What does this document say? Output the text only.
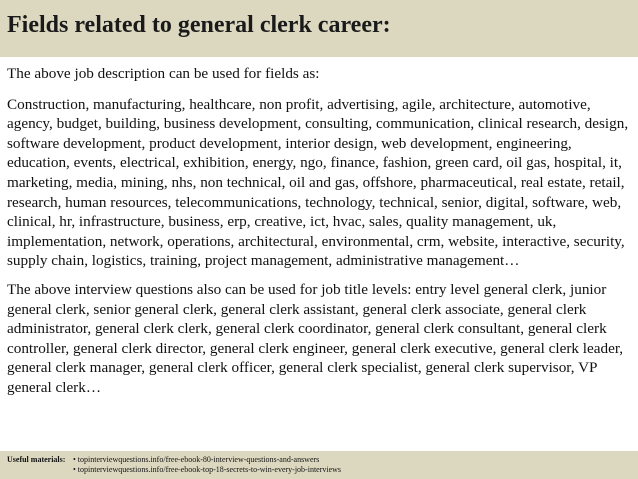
Fields related to general clerk career:

The above job description can be used for fields as:

Construction, manufacturing, healthcare, non profit, advertising, agile, architecture, automotive, agency, budget, building, business development, consulting, communication, clinical research, design, software development, product development, interior design, web development, engineering, education, events, electrical, exhibition, energy, ngo, finance, fashion, green card, oil gas, hospital, it, marketing, media, mining, nhs, non technical, oil and gas, offshore, pharmaceutical, real estate, retail, research, human resources, telecommunications, technology, technical, senior, digital, software, web, clinical, hr, infrastructure, business, erp, creative, ict, hvac, sales, quality management, uk, implementation, network, operations, architectural, environmental, crm, website, interactive, security, supply chain, logistics, training, project management, administrative management…

The above interview questions also can be used for job title levels: entry level general clerk, junior general clerk, senior general clerk, general clerk assistant, general clerk associate, general clerk administrator, general clerk clerk, general clerk coordinator, general clerk consultant, general clerk controller, general clerk director, general clerk engineer, general clerk executive, general clerk leader, general clerk manager, general clerk officer, general clerk specialist, general clerk supervisor, VP general clerk…

Useful materials: • topinterviewquestions.info/free-ebook-80-interview-questions-and-answers
• topinterviewquestions.info/free-ebook-top-18-secrets-to-win-every-job-interviews
